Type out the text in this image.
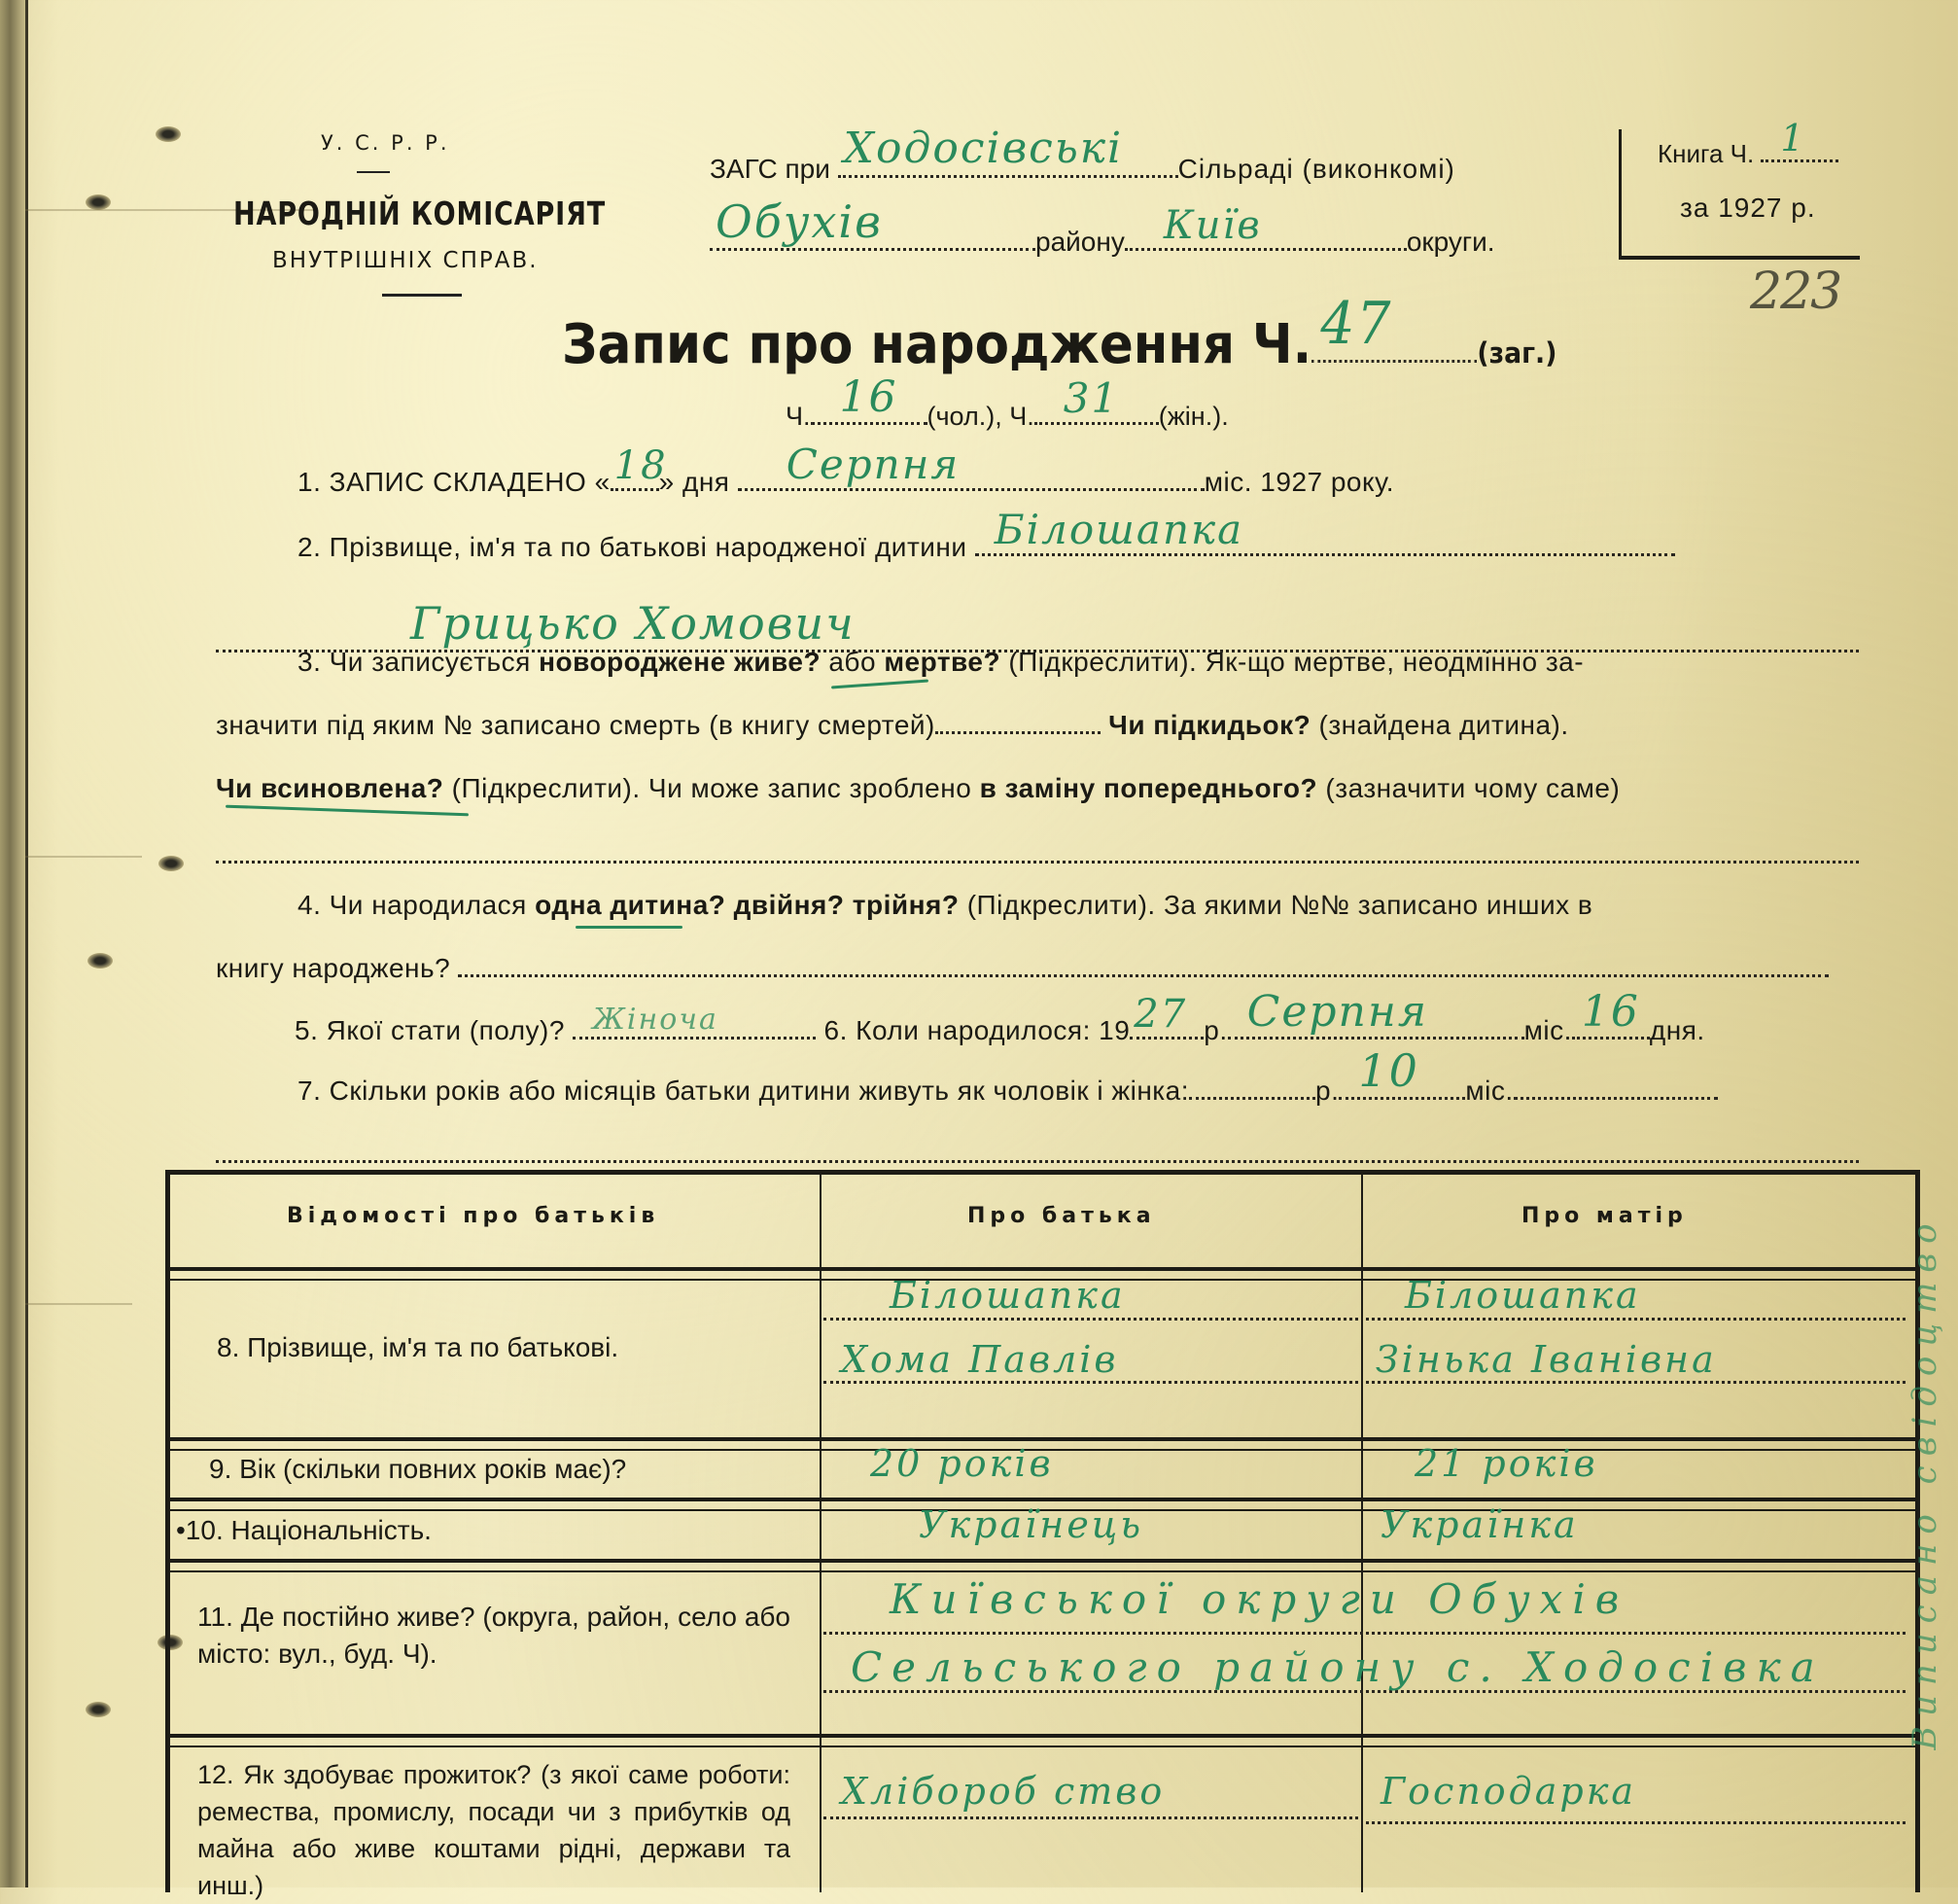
У. С. Р. Р.
НАРОДНІЙ КОМІСАРІЯТ
ВНУТРІШНІХ СПРАВ.
ЗАГС при Ходосівські Сільраді (виконкомі)
Обухів	району Київ	округи.
Книга Ч. 1
за 1927 р.
223
Запис про народження Ч. 47	(заг.)
Ч. 16 (чол.), Ч. 31 (жін.).
1. ЗАПИС СКЛАДЕНО « 18
» дня Серпня	міс. 1927 року.
2. Прізвище, ім'я та по батькові народженої дитини Білошапка
Грицько Хомович
3. Чи записується новороджене живе? або мертве? (Підкреслити). Як-що мертве, неодмінно за-
значити під яким № записано смерть (в книгу смертей)	Чи підкидьок? (знайдена дитина).
Чи всиновлена? (Підкреслити). Чи може запис зроблено в заміну попереднього? (зазначити чому саме)
4. Чи народилася одна дитина? двійня? трійня? (Підкреслити). За якими №№ записано инших в
книгу народжень?
5. Якої стати (полу)? Жіноча	6. Коли народилося: 19 27 р. Серпня	міс. 16 дня.
7. Скільки років або місяців батьки дитини живуть як чоловік і жінка:	р. 10 міс.
Відомості про батьків	Про батька	Про матір
8. Прізвище, ім'я та по батькові.
Білошапка	Білошапка
Хома Павлів	Зінька Іванівна
9. Вік (скільки повних років має)?	20 років	21 років
•10. Національність.	Українець	Українка
11. Де постійно живе? (округа, район, село або місто: вул., буд. Ч).
Київської округи Обухів
Сельського району с. Ходосівка
12. Як здобуває прожиток? (з якої саме роботи: ремества, промислу, посади чи з прибутків од майна або живе коштами рідні, держави та инш.)
Хлібороб ство	Господарка
Виписано свідоцтво
